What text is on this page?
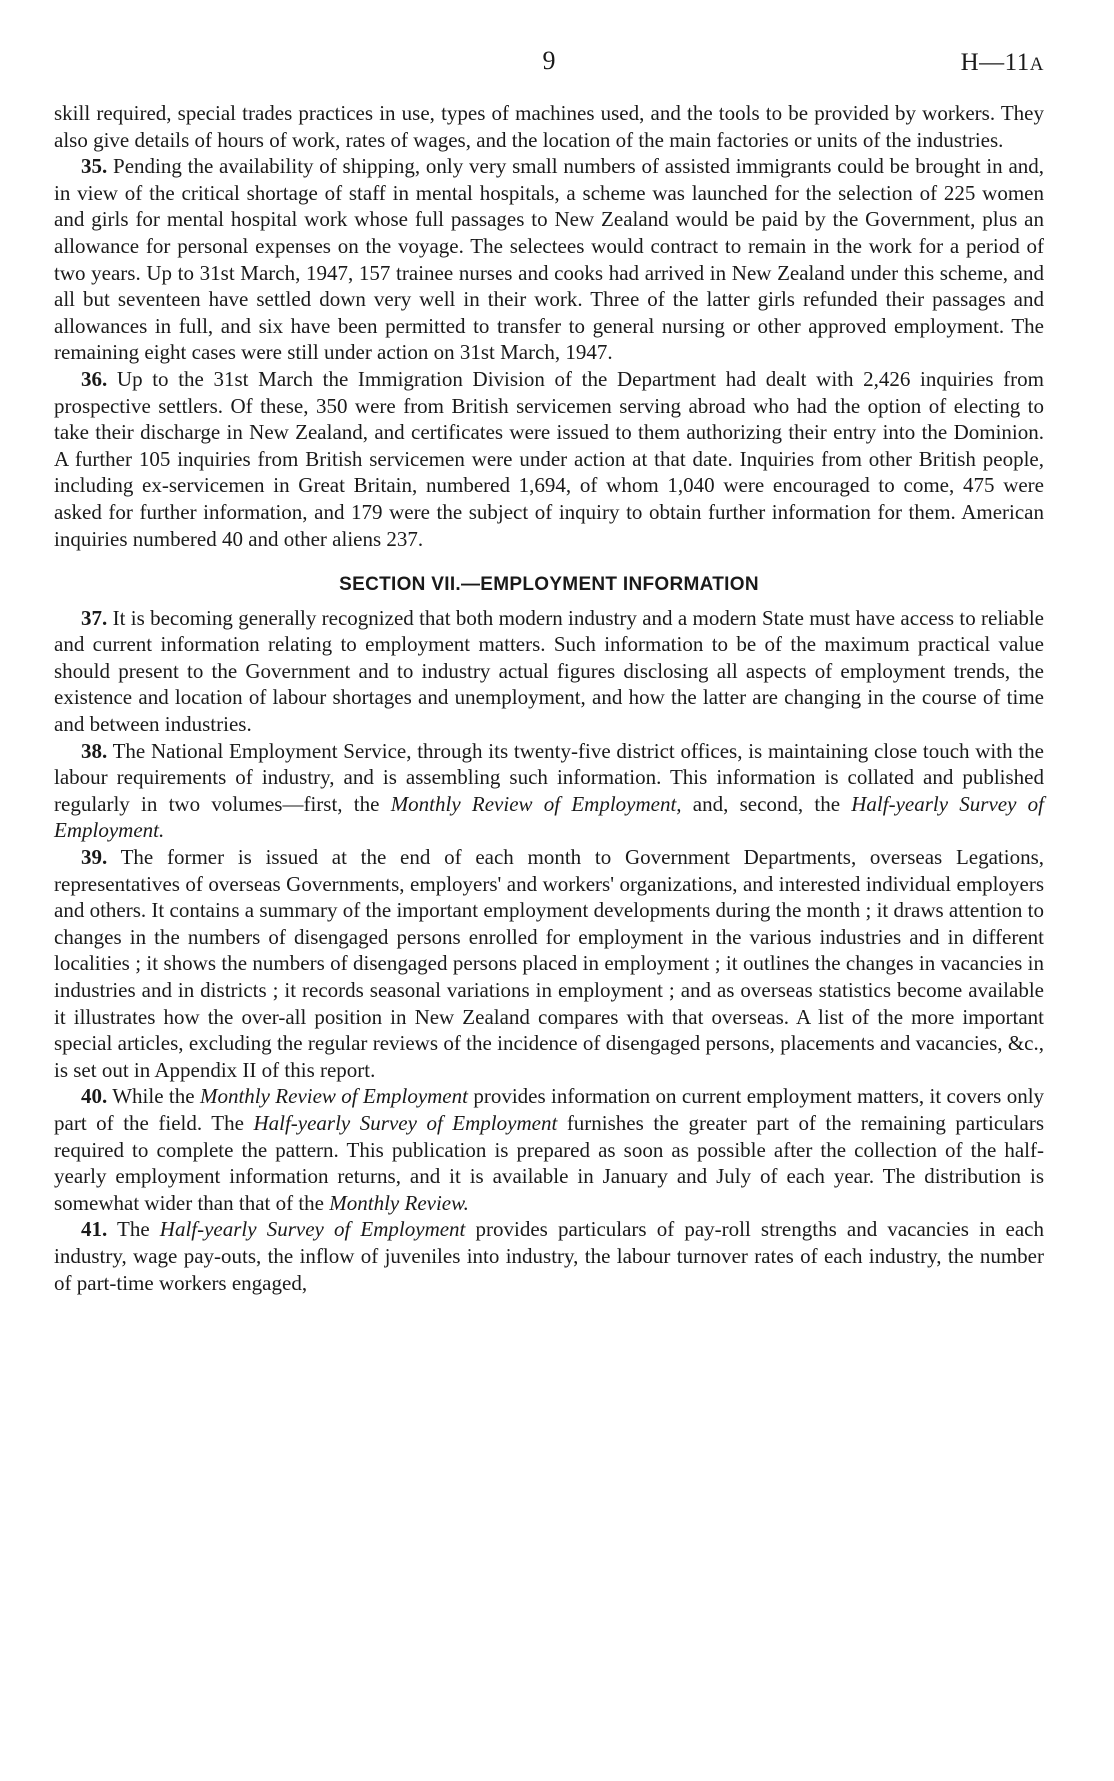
9	H—11A

skill required, special trades practices in use, types of machines used, and the tools to be provided by workers. They also give details of hours of work, rates of wages, and the location of the main factories or units of the industries.

35. Pending the availability of shipping, only very small numbers of assisted immigrants could be brought in and, in view of the critical shortage of staff in mental hospitals, a scheme was launched for the selection of 225 women and girls for mental hospital work whose full passages to New Zealand would be paid by the Government, plus an allowance for personal expenses on the voyage. The selectees would contract to remain in the work for a period of two years. Up to 31st March, 1947, 157 trainee nurses and cooks had arrived in New Zealand under this scheme, and all but seventeen have settled down very well in their work. Three of the latter girls refunded their passages and allowances in full, and six have been permitted to transfer to general nursing or other approved employment. The remaining eight cases were still under action on 31st March, 1947.

36. Up to the 31st March the Immigration Division of the Department had dealt with 2,426 inquiries from prospective settlers. Of these, 350 were from British servicemen serving abroad who had the option of electing to take their discharge in New Zealand, and certificates were issued to them authorizing their entry into the Dominion. A further 105 inquiries from British servicemen were under action at that date. Inquiries from other British people, including ex-servicemen in Great Britain, numbered 1,694, of whom 1,040 were encouraged to come, 475 were asked for further information, and 179 were the subject of inquiry to obtain further information for them. American inquiries numbered 40 and other aliens 237.

SECTION VII.—EMPLOYMENT INFORMATION

37. It is becoming generally recognized that both modern industry and a modern State must have access to reliable and current information relating to employment matters. Such information to be of the maximum practical value should present to the Government and to industry actual figures disclosing all aspects of employment trends, the existence and location of labour shortages and unemployment, and how the latter are changing in the course of time and between industries.

38. The National Employment Service, through its twenty-five district offices, is maintaining close touch with the labour requirements of industry, and is assembling such information. This information is collated and published regularly in two volumes—first, the Monthly Review of Employment, and, second, the Half-yearly Survey of Employment.

39. The former is issued at the end of each month to Government Departments, overseas Legations, representatives of overseas Governments, employers' and workers' organizations, and interested individual employers and others. It contains a summary of the important employment developments during the month ; it draws attention to changes in the numbers of disengaged persons enrolled for employment in the various industries and in different localities ; it shows the numbers of disengaged persons placed in employment ; it outlines the changes in vacancies in industries and in districts ; it records seasonal variations in employment ; and as overseas statistics become available it illustrates how the over-all position in New Zealand compares with that overseas. A list of the more important special articles, excluding the regular reviews of the incidence of disengaged persons, placements and vacancies, &c., is set out in Appendix II of this report.

40. While the Monthly Review of Employment provides information on current employment matters, it covers only part of the field. The Half-yearly Survey of Employment furnishes the greater part of the remaining particulars required to complete the pattern. This publication is prepared as soon as possible after the collection of the half-yearly employment information returns, and it is available in January and July of each year. The distribution is somewhat wider than that of the Monthly Review.

41. The Half-yearly Survey of Employment provides particulars of pay-roll strengths and vacancies in each industry, wage pay-outs, the inflow of juveniles into industry, the labour turnover rates of each industry, the number of part-time workers engaged,
